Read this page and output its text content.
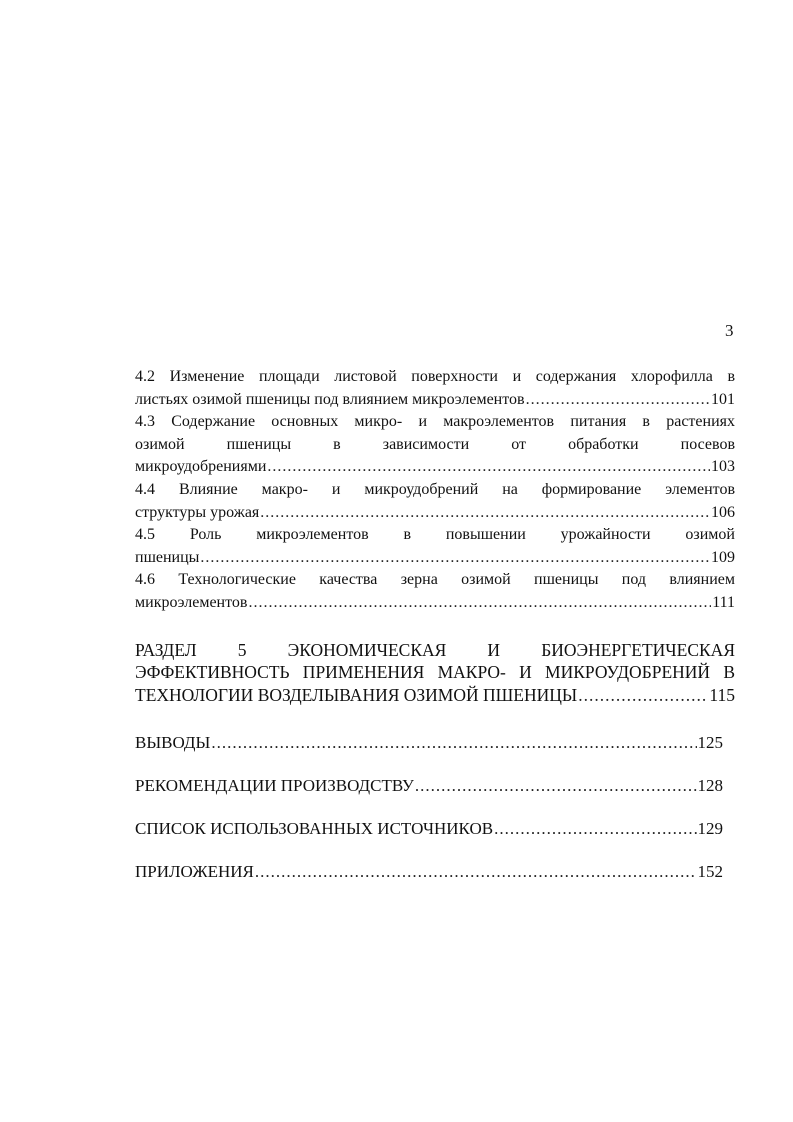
3
4.2 Изменение площади листовой поверхности и содержания хлорофилла в
листьях озимой пшеницы под влиянием микроэлементов .....	101
4.3 Содержание основных микро- и макроэлементов питания в растениях
озимой пшеницы в зависимости от обработки посевов
микроудобрениями .....	103
4.4 Влияние макро- и микроудобрений на формирование элементов
структуры урожая .....	106
4.5 Роль микроэлементов в повышении урожайности озимой
пшеницы .....	109
4.6 Технологические качества зерна озимой пшеницы под влиянием
микроэлементов .....	111
РАЗДЕЛ 5 ЭКОНОМИЧЕСКАЯ И БИОЭНЕРГЕТИЧЕСКАЯ
ЭФФЕКТИВНОСТЬ ПРИМЕНЕНИЯ МАКРО- И МИКРОУДОБРЕНИЙ В
ТЕХНОЛОГИИ ВОЗДЕЛЫВАНИЯ ОЗИМОЙ ПШЕНИЦЫ .....	115
ВЫВОДЫ .....	125
РЕКОМЕНДАЦИИ ПРОИЗВОДСТВУ .....	128
СПИСОК ИСПОЛЬЗОВАННЫХ ИСТОЧНИКОВ .....	129
ПРИЛОЖЕНИЯ .....	152
